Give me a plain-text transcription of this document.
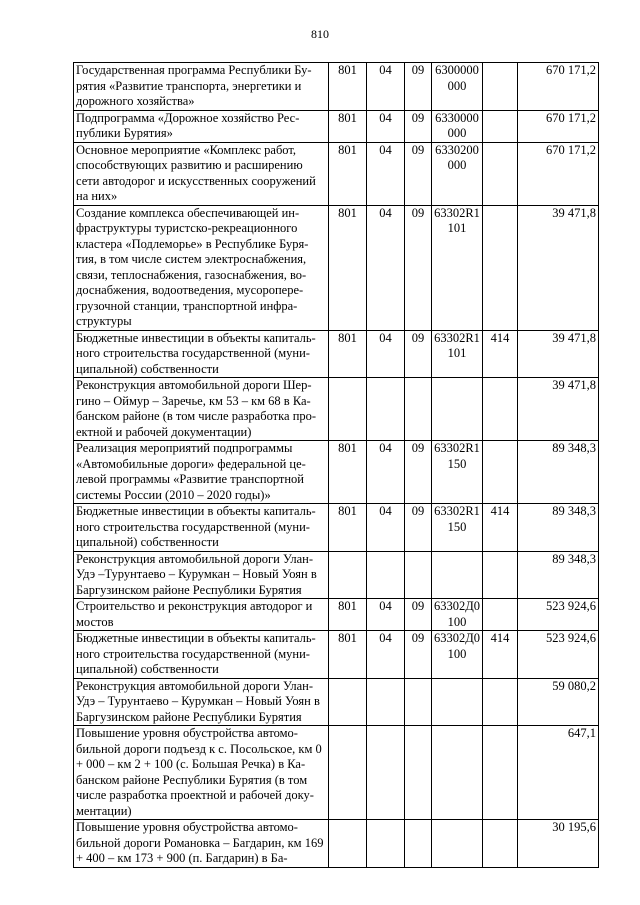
810
Государственная программа Республики Бу- рятия «Развитие транспорта, энергетики и дорожного хозяйства»	801	04	09	6300000 000		670 171,2
Подпрограмма «Дорожное хозяйство Рес- публики Бурятия»	801	04	09	6330000 000		670 171,2
Основное мероприятие «Комплекс работ, способствующих развитию и расширению сети автодорог и искусственных сооружений на них»	801	04	09	6330200 000		670 171,2
Создание комплекса обеспечивающей ин- фраструктуры туристско-рекреационного кластера «Подлеморье» в Республике Буря- тия, в том числе систем электроснабжения, связи, теплоснабжения, газоснабжения, во- доснабжения, водоотведения, мусоропере- грузочной станции, транспортной инфра- структуры	801	04	09	63302R1 101		39 471,8
Бюджетные инвестиции в объекты капиталь- ного строительства государственной (муни- ципальной) собственности	801	04	09	63302R1 101	414	39 471,8
Реконструкция автомобильной дороги Шер- гино – Оймур – Заречье, км 53 – км 68 в Ка- банском районе (в том числе разработка про- ектной и рабочей документации)						39 471,8
Реализация мероприятий подпрограммы «Автомобильные дороги» федеральной це- левой программы «Развитие транспортной системы России (2010 – 2020 годы)»	801	04	09	63302R1 150		89 348,3
Бюджетные инвестиции в объекты капиталь- ного строительства государственной (муни- ципальной) собственности	801	04	09	63302R1 150	414	89 348,3
Реконструкция автомобильной дороги Улан- Удэ –Турунтаево – Курумкан – Новый Уоян в Баргузинском районе Республики Бурятия						89 348,3
Строительство и реконструкция автодорог и мостов	801	04	09	63302Д0 100		523 924,6
Бюджетные инвестиции в объекты капиталь- ного строительства государственной (муни- ципальной) собственности	801	04	09	63302Д0 100	414	523 924,6
Реконструкция автомобильной дороги Улан- Удэ – Турунтаево – Курумкан – Новый Уоян в Баргузинском районе Республики Бурятия						59 080,2
Повышение уровня обустройства автомо- бильной дороги подъезд к с. Посольское, км 0 + 000 – км 2 + 100 (с. Большая Речка) в Ка- банском районе Республики Бурятия (в том числе разработка проектной и рабочей доку- ментации)						647,1
Повышение уровня обустройства автомо- бильной дороги Романовка – Багдарин, км 169 + 400 – км 173 + 900 (п. Багдарин) в Ба-						30 195,6
